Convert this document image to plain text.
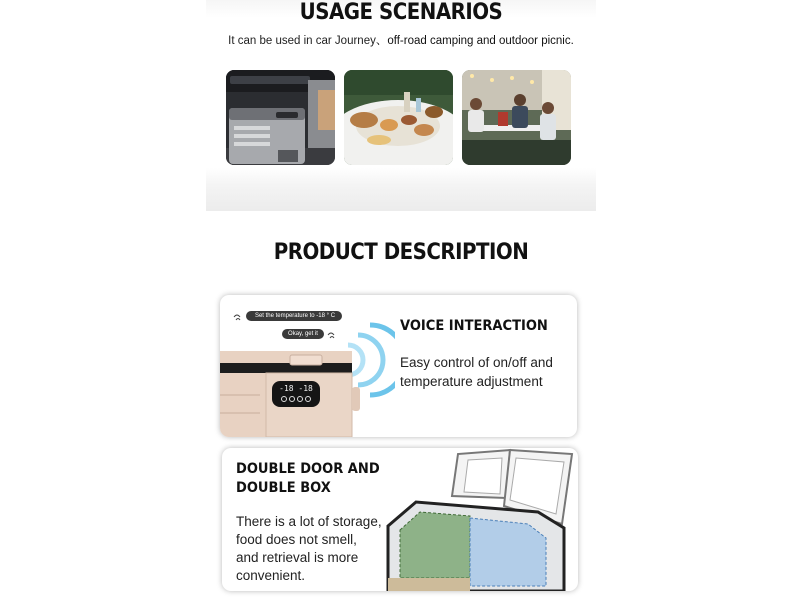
USAGE SCENARIOS
It can be used in car Journey、off-road camping and outdoor picnic.
PRODUCT DESCRIPTION
Set the temperature to -18 ° C
Okay, get it
-18 -18
VOICE INTERACTION
Easy control of on/off and
temperature adjustment
DOUBLE DOOR AND
DOUBLE BOX
There is a lot of storage,
food does not smell,
and retrieval is more
convenient.
